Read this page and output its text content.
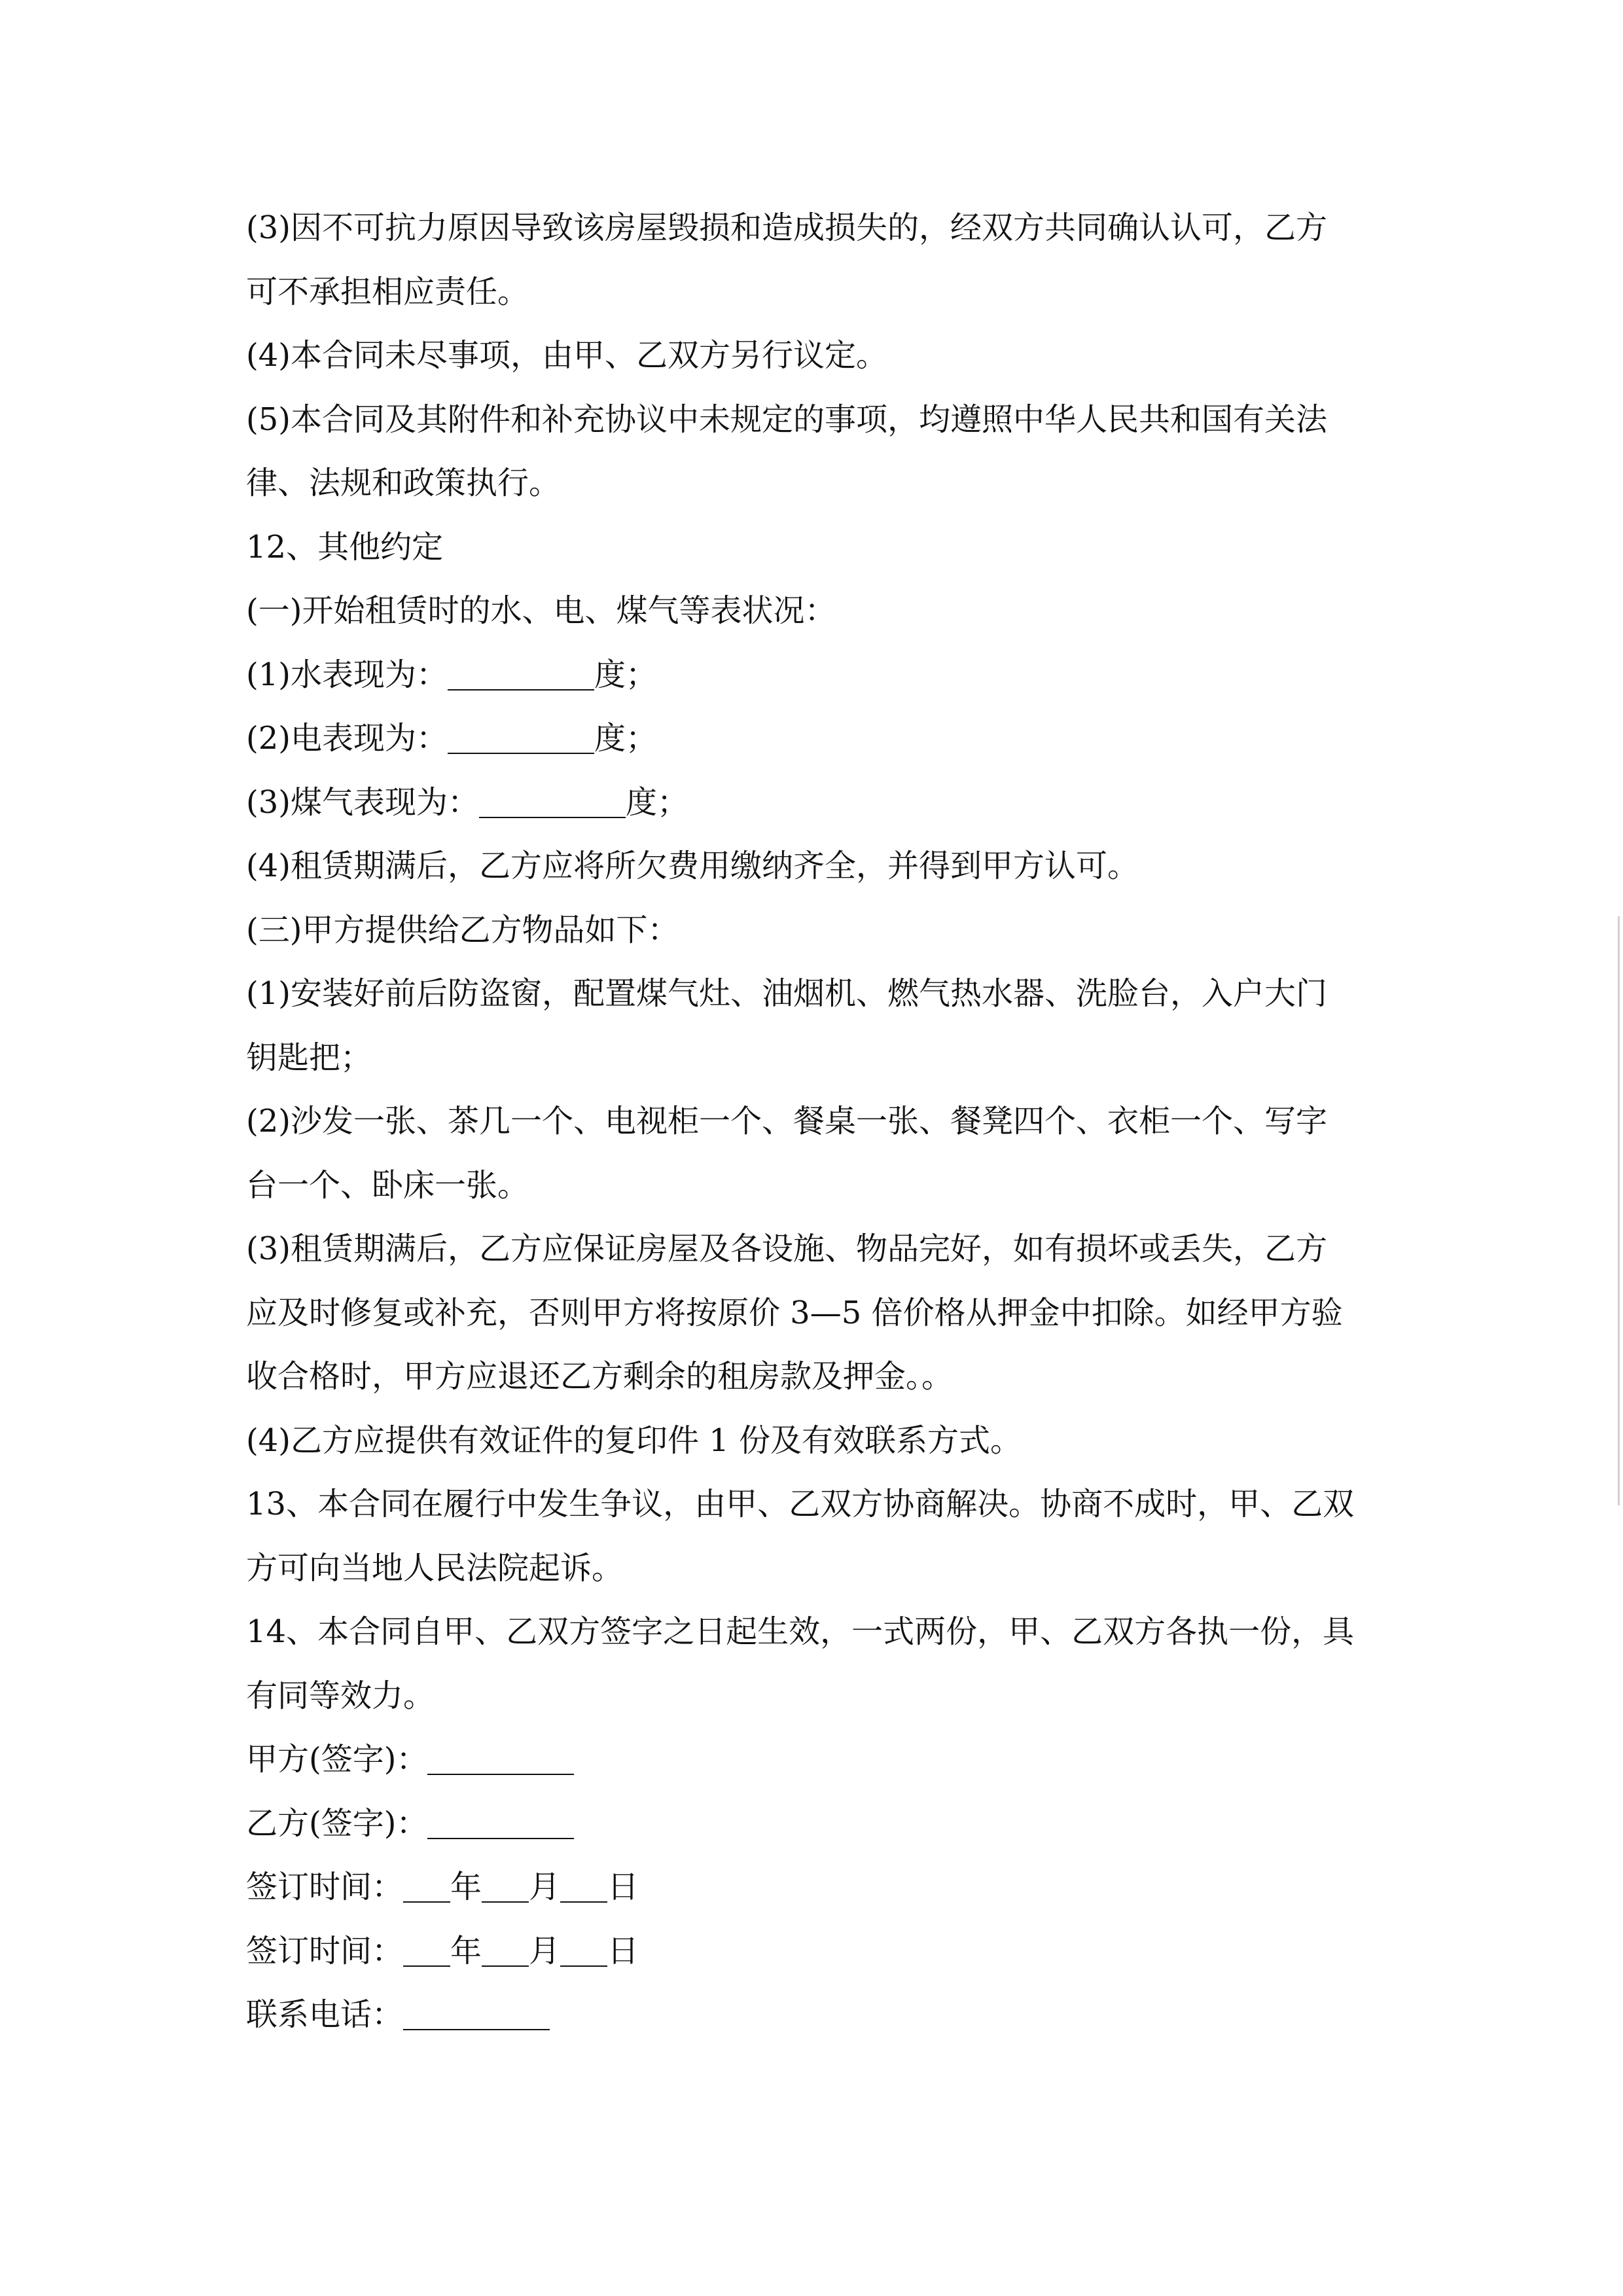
(3)因不可抗力原因导致该房屋毁损和造成损失的，经双方共同确认认可，乙方
可不承担相应责任。
(4)本合同未尽事项，由甲、乙双方另行议定。
(5)本合同及其附件和补充协议中未规定的事项，均遵照中华人民共和国有关法
律、法规和政策执行。
12、其他约定
(一)开始租赁时的水、电、煤气等表状况：
(1)水表现为：	度；
(2)电表现为：	度；
(3)煤气表现为：	度；
(4)租赁期满后，乙方应将所欠费用缴纳齐全，并得到甲方认可。
(三)甲方提供给乙方物品如下：
(1)安装好前后防盗窗，配置煤气灶、油烟机、燃气热水器、洗脸台，入户大门
钥匙把；
(2)沙发一张、茶几一个、电视柜一个、餐桌一张、餐凳四个、衣柜一个、写字
台一个、卧床一张。
(3)租赁期满后，乙方应保证房屋及各设施、物品完好，如有损坏或丢失，乙方
应及时修复或补充，否则甲方将按原价 3—5 倍价格从押金中扣除。如经甲方验
收合格时，甲方应退还乙方剩余的租房款及押金。。
(4)乙方应提供有效证件的复印件 1 份及有效联系方式。
13、本合同在履行中发生争议，由甲、乙双方协商解决。协商不成时，甲、乙双
方可向当地人民法院起诉。
14、本合同自甲、乙双方签字之日起生效，一式两份，甲、乙双方各执一份，具
有同等效力。
甲方(签字)：
乙方(签字)：
签订时间： 年 月 日
签订时间： 年 月 日
联系电话：
